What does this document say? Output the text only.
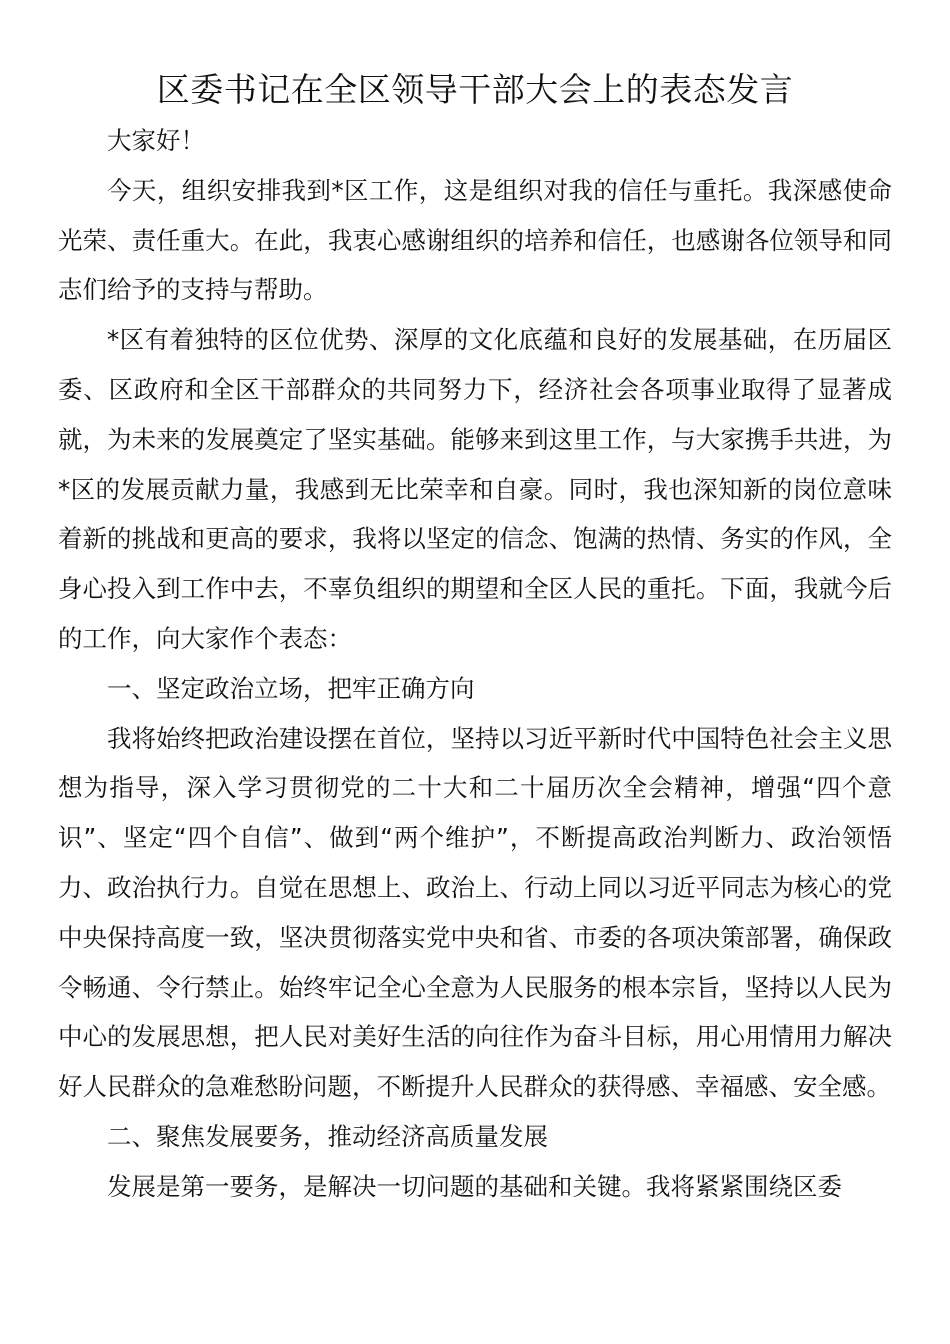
区委书记在全区领导干部大会上的表态发言

大家好！

今天，组织安排我到*区工作，这是组织对我的信任与重托。我深感使命光荣、责任重大。在此，我衷心感谢组织的培养和信任，也感谢各位领导和同志们给予的支持与帮助。

*区有着独特的区位优势、深厚的文化底蕴和良好的发展基础，在历届区委、区政府和全区干部群众的共同努力下，经济社会各项事业取得了显著成就，为未来的发展奠定了坚实基础。能够来到这里工作，与大家携手共进，为*区的发展贡献力量，我感到无比荣幸和自豪。同时，我也深知新的岗位意味着新的挑战和更高的要求，我将以坚定的信念、饱满的热情、务实的作风，全身心投入到工作中去，不辜负组织的期望和全区人民的重托。下面，我就今后的工作，向大家作个表态：

一、坚定政治立场，把牢正确方向

我将始终把政治建设摆在首位，坚持以习近平新时代中国特色社会主义思想为指导，深入学习贯彻党的二十大和二十届历次全会精神，增强“四个意识”、坚定“四个自信”、做到“两个维护”，不断提高政治判断力、政治领悟力、政治执行力。自觉在思想上、政治上、行动上同以习近平同志为核心的党中央保持高度一致，坚决贯彻落实党中央和省、市委的各项决策部署，确保政令畅通、令行禁止。始终牢记全心全意为人民服务的根本宗旨，坚持以人民为中心的发展思想，把人民对美好生活的向往作为奋斗目标，用心用情用力解决好人民群众的急难愁盼问题，不断提升人民群众的获得感、幸福感、安全感。

二、聚焦发展要务，推动经济高质量发展

发展是第一要务，是解决一切问题的基础和关键。我将紧紧围绕区委
